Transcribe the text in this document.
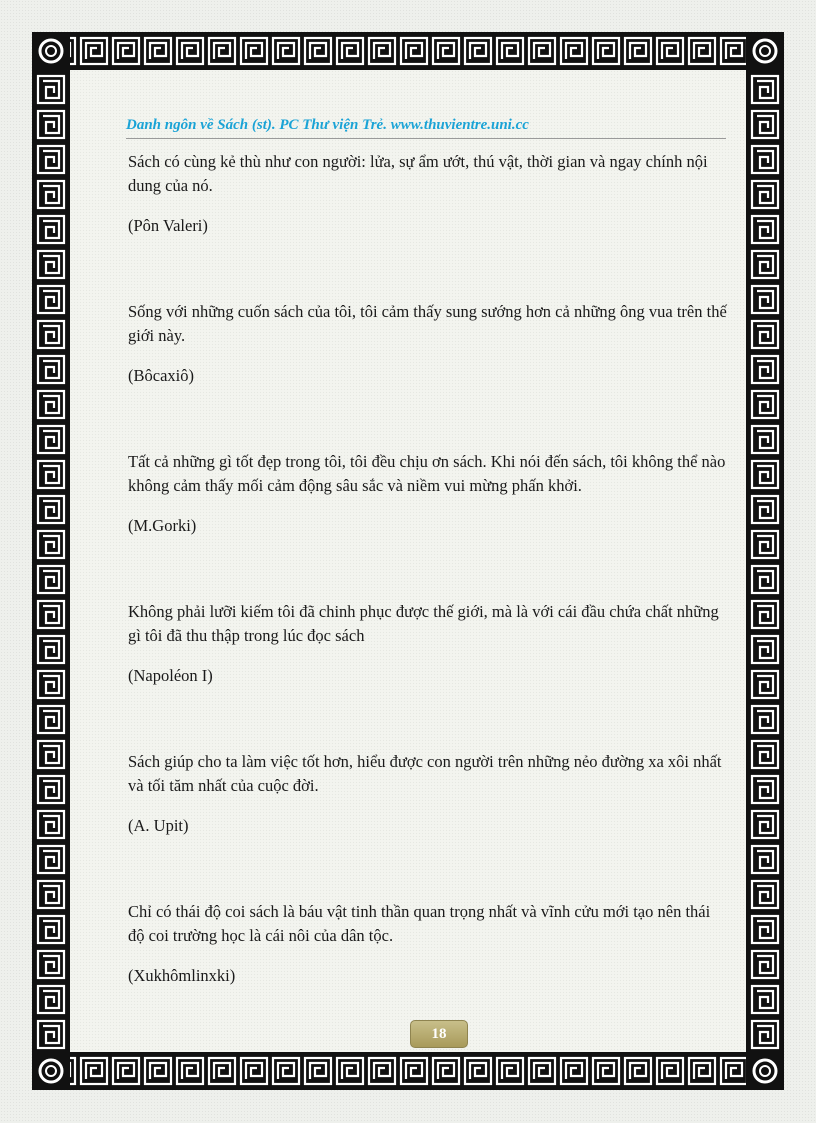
Danh ngôn về Sách (st). PC Thư viện Trẻ. www.thuvientre.uni.cc

Sách có cùng kẻ thù như con người: lửa, sự ẩm ướt, thú vật, thời gian và ngay chính nội dung của nó.

(Pôn Valeri)

Sống với những cuốn sách của tôi, tôi cảm thấy sung sướng hơn cả những ông vua trên thế giới này.

(Bôcaxiô)

Tất cả những gì tốt đẹp trong tôi, tôi đều chịu ơn sách. Khi nói đến sách, tôi không thể nào không cảm thấy mối cảm động sâu sắc và niềm vui mừng phấn khởi.

(M.Gorki)

Không phải lưỡi kiếm tôi đã chinh phục được thế giới, mà là với cái đầu chứa chất những gì tôi đã thu thập trong lúc đọc sách

(Napoléon I)

Sách giúp cho ta làm việc tốt hơn, hiểu được con người trên những nẻo đường xa xôi nhất và tối tăm nhất của cuộc đời.

(A. Upit)

Chỉ có thái độ coi sách là báu vật tinh thần quan trọng nhất và vĩnh cửu mới tạo nên thái độ coi trường học là cái nôi của dân tộc.

(Xukhômlinxki)

18
